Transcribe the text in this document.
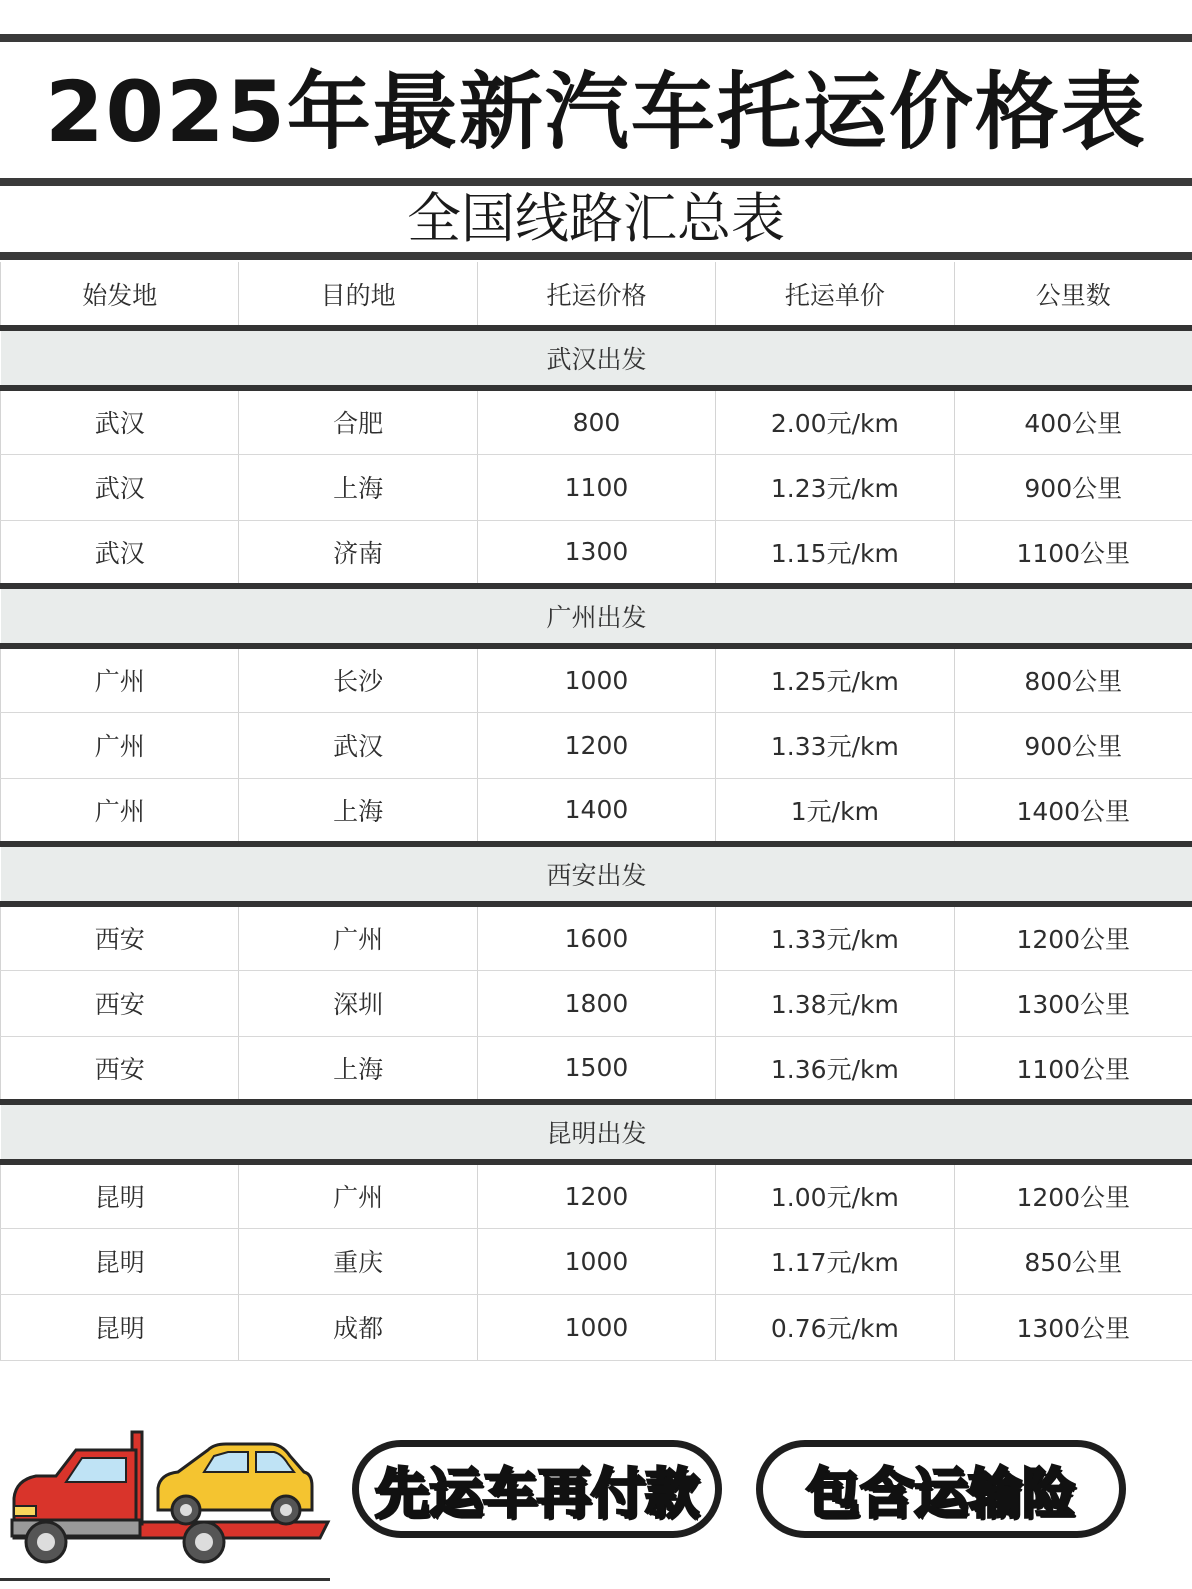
2025年最新汽车托运价格表
全国线路汇总表
始发地	目的地	托运价格	托运单价	公里数
武汉出发				
武汉	合肥	800	2.00元/km	400公里
武汉	上海	1100	1.23元/km	900公里
武汉	济南	1300	1.15元/km	1100公里
广州出发				
广州	长沙	1000	1.25元/km	800公里
广州	武汉	1200	1.33元/km	900公里
广州	上海	1400	1元/km	1400公里
西安出发				
西安	广州	1600	1.33元/km	1200公里
西安	深圳	1800	1.38元/km	1300公里
西安	上海	1500	1.36元/km	1100公里
昆明出发				
昆明	广州	1200	1.00元/km	1200公里
昆明	重庆	1000	1.17元/km	850公里
昆明	成都	1000	0.76元/km	1300公里
先运车再付款	包含运输险
